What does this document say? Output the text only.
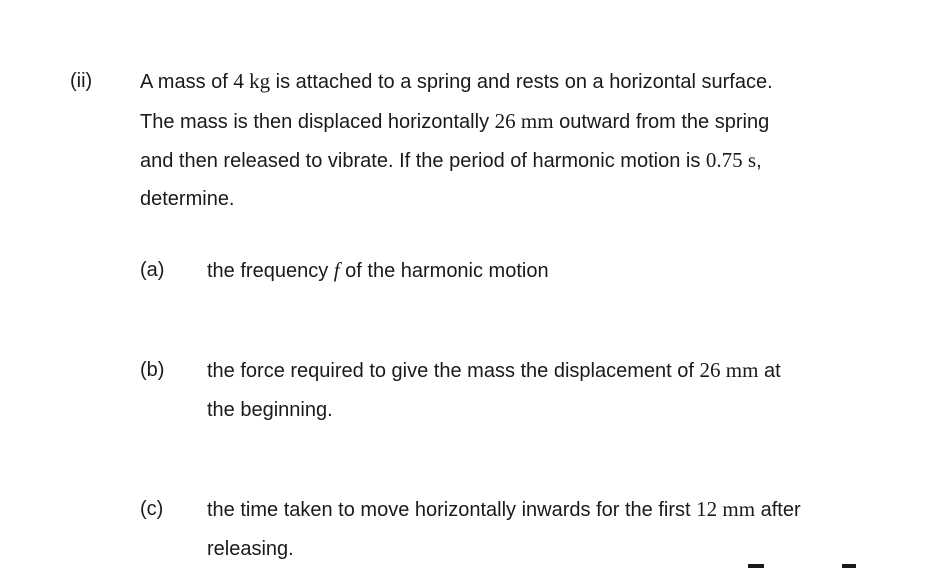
(ii) A mass of 4 kg is attached to a spring and rests on a horizontal surface.
The mass is then displaced horizontally 26 mm outward from the spring
and then released to vibrate. If the period of harmonic motion is 0.75 s,
determine.
(a) the frequency f of the harmonic motion
(b) the force required to give the mass the displacement of 26 mm at
the beginning.
(c) the time taken to move horizontally inwards for the first 12 mm after
releasing.
